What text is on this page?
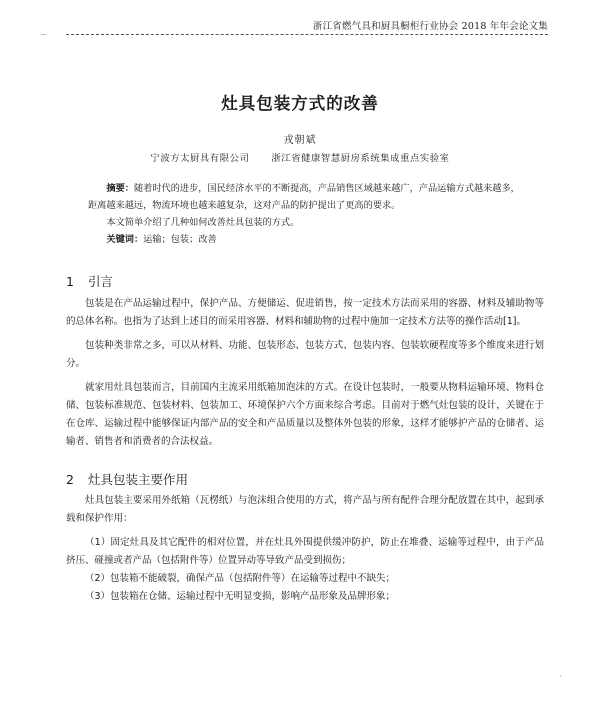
浙江省燃气具和厨具橱柜行业协会 2018 年年会论文集
~
灶具包装方式的改善
戎朝斌
宁波方太厨具有限公司 浙江省健康智慧厨房系统集成重点实验室

摘要：随着时代的进步，国民经济水平的不断提高，产品销售区域越来越广，产品运输方式越来越多，距离越来越远，物流环境也越来越复杂，这对产品的防护提出了更高的要求。

本文简单介绍了几种如何改善灶具包装的方式。

关键词：运输；包装；改善

1 引言

包装是在产品运输过程中，保护产品、方便储运、促进销售，按一定技术方法而采用的容器、材料及辅助物等的总体名称。也指为了达到上述目的而采用容器、材料和辅助物的过程中施加一定技术方法等的操作活动[1]。

包装种类非常之多，可以从材料、功能、包装形态、包装方式、包装内容、包装软硬程度等多个维度来进行划分。

就家用灶具包装而言，目前国内主流采用纸箱加泡沫的方式。在设计包装时，一般要从物料运输环境、物料仓储、包装标准规范、包装材料、包装加工、环境保护六个方面来综合考虑。目前对于燃气灶包装的设计，关键在于在仓库、运输过程中能够保证内部产品的安全和产品质量以及整体外包装的形象，这样才能够护产品的仓储者、运输者、销售者和消费者的合法权益。

2 灶具包装主要作用

灶具包装主要采用外纸箱（瓦楞纸）与泡沫组合使用的方式，将产品与所有配件合理分配放置在其中，起到承载和保护作用：

（1）固定灶具及其它配件的相对位置，并在灶具外围提供缓冲防护，防止在堆叠、运输等过程中，由于产品挤压、碰撞或者产品（包括附件等）位置异动等导致产品受到损伤；

（2）包装箱不能破裂，确保产品（包括附件等）在运输等过程中不缺失；

（3）包装箱在仓储、运输过程中无明显变损，影响产品形象及品牌形象；

·
